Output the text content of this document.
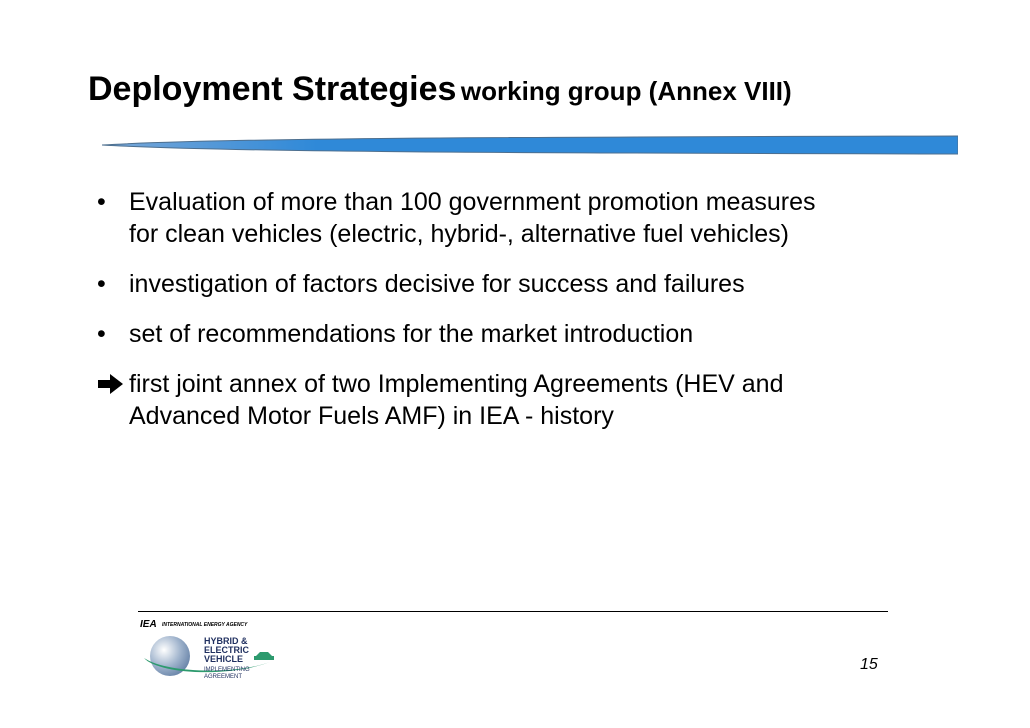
Deployment Strategies working group (Annex VIII)
• Evaluation of more than 100 government promotion measures
for clean vehicles (electric, hybrid-, alternative fuel vehicles)
• investigation of factors decisive for success and failures
• set of recommendations for the market introduction
first joint annex of two Implementing Agreements (HEV and
Advanced Motor Fuels AMF) in IEA - history
IEA INTERNATIONAL ENERGY AGENCY
HYBRID &
ELECTRIC
VEHICLE
IMPLEMENTING
AGREEMENT
15
